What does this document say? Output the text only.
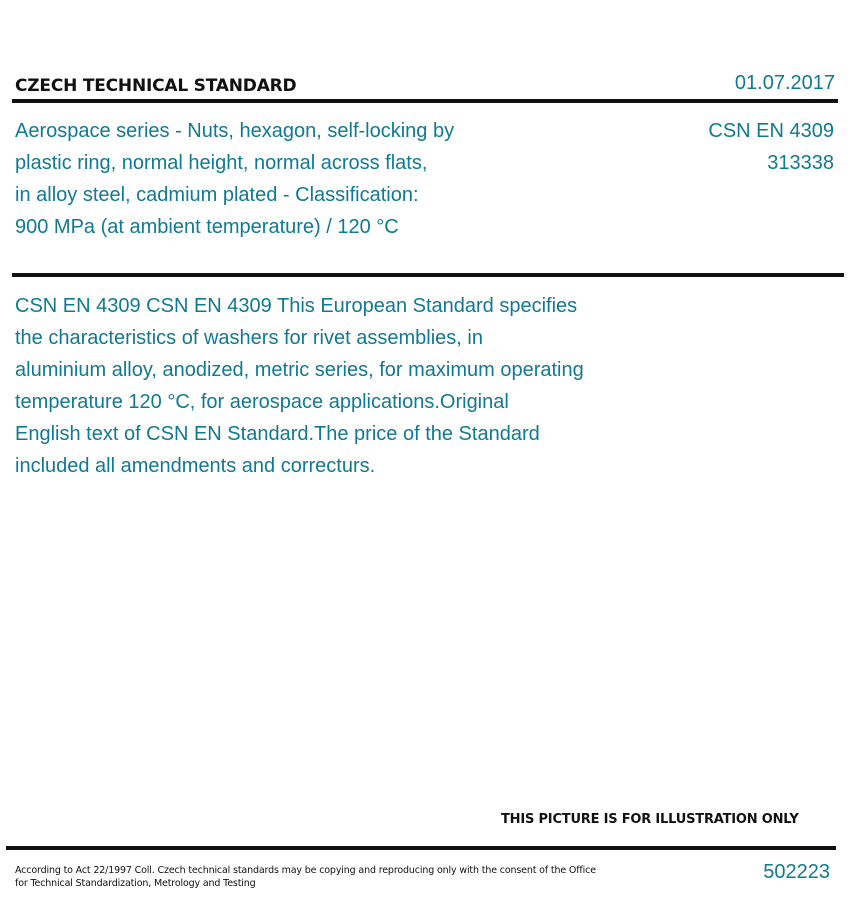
CZECH TECHNICAL STANDARD	01.07.2017
Aerospace series - Nuts, hexagon, self-locking by
plastic ring, normal height, normal across flats,
in alloy steel, cadmium plated - Classification:
900 MPa (at ambient temperature) / 120 °C
CSN EN 4309
313338
CSN EN 4309 CSN EN 4309 This European Standard specifies
the characteristics of washers for rivet assemblies, in
aluminium alloy, anodized, metric series, for maximum operating
temperature 120 °C, for aerospace applications.Original
English text of CSN EN Standard.The price of the Standard
included all amendments and correcturs.
THIS PICTURE IS FOR ILLUSTRATION ONLY
According to Act 22/1997 Coll. Czech technical standards may be copying and reproducing only with the consent of the Office
for Technical Standardization, Metrology and Testing
502223
